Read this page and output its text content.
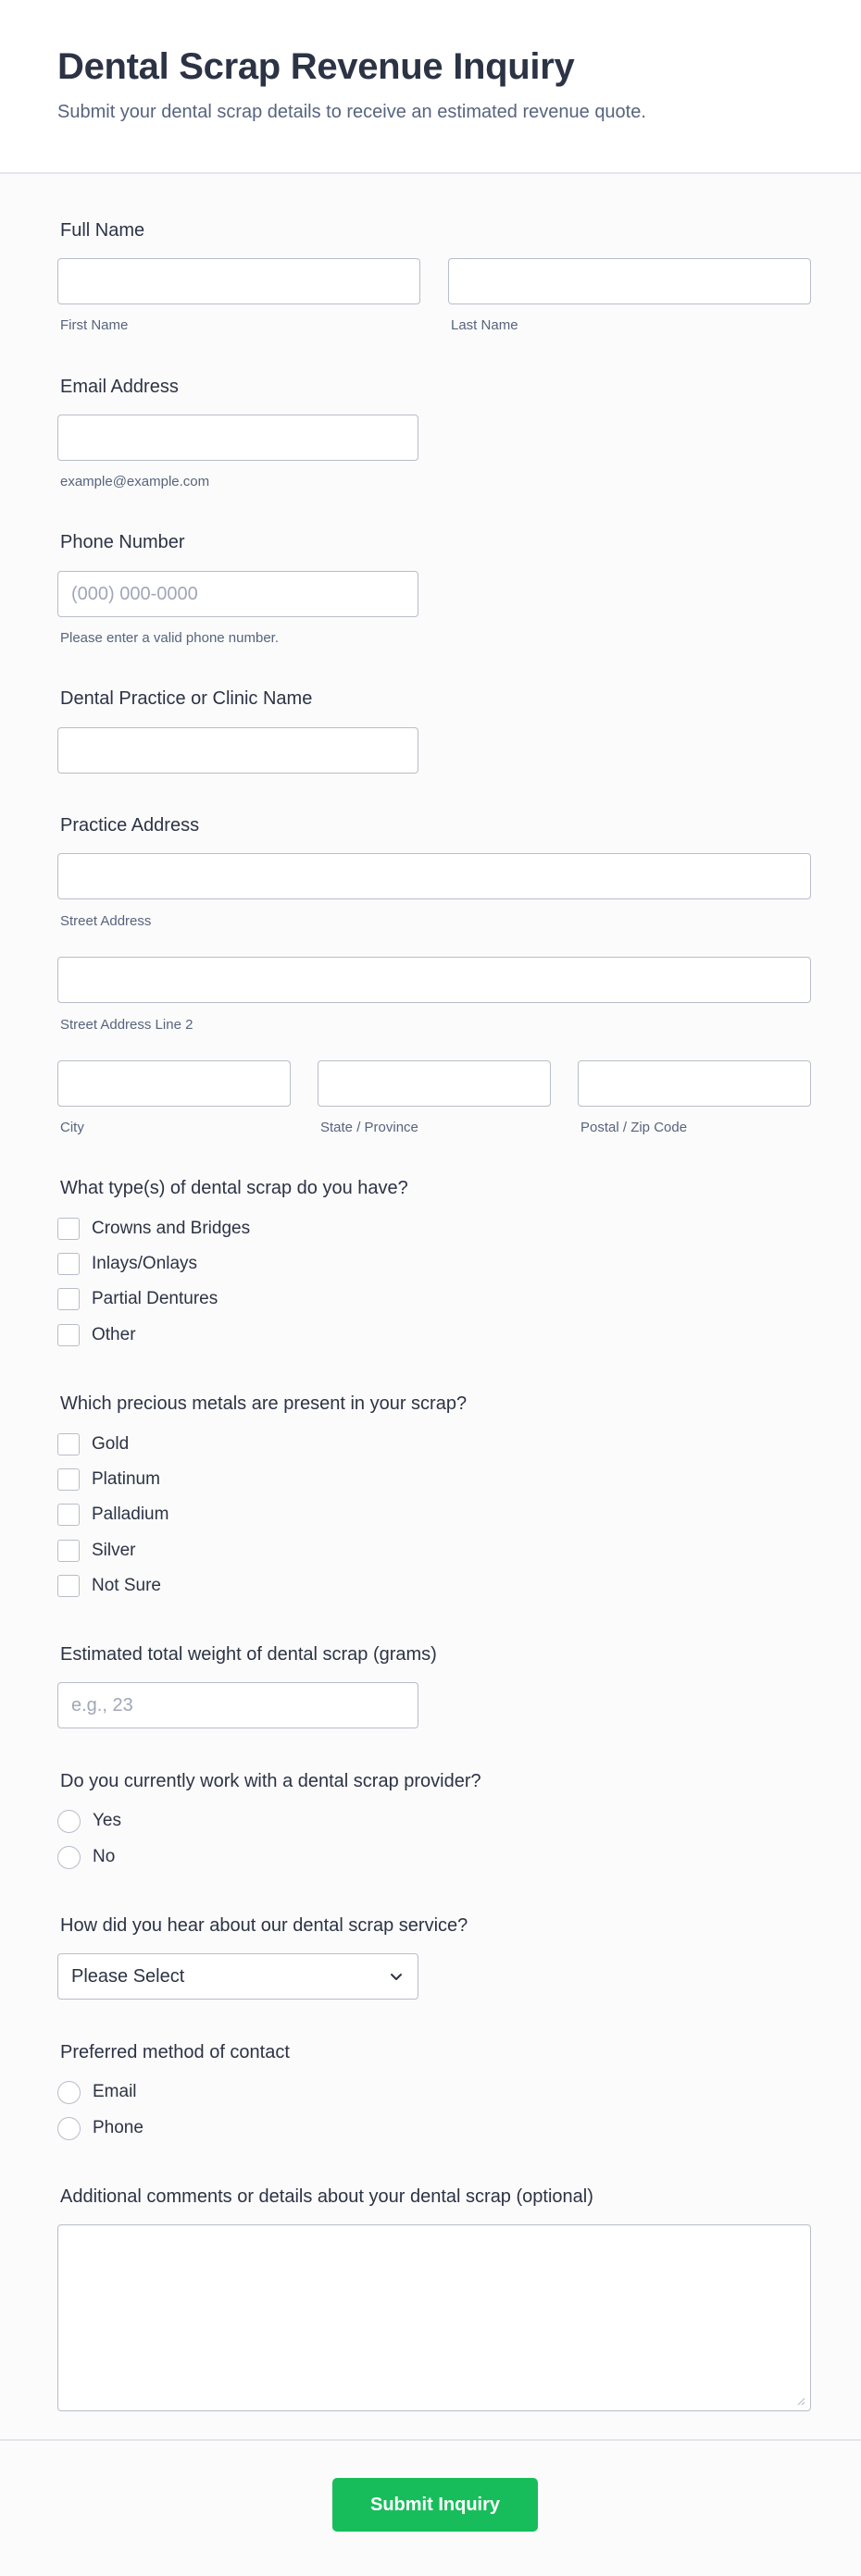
Dental Scrap Revenue Inquiry

Submit your dental scrap details to receive an estimated revenue quote.

Full Name
First Name	Last Name
Email Address
example@example.com
Phone Number
(000) 000-0000
Please enter a valid phone number.
Dental Practice or Clinic Name
Practice Address
Street Address
Street Address Line 2
City	State / Province	Postal / Zip Code
What type(s) of dental scrap do you have?
Crowns and Bridges
Inlays/Onlays
Partial Dentures
Other
Which precious metals are present in your scrap?
Gold
Platinum
Palladium
Silver
Not Sure
Estimated total weight of dental scrap (grams)
e.g., 23
Do you currently work with a dental scrap provider?
Yes
No
How did you hear about our dental scrap service?
Please Select
Preferred method of contact
Email
Phone
Additional comments or details about your dental scrap (optional)
Submit Inquiry
